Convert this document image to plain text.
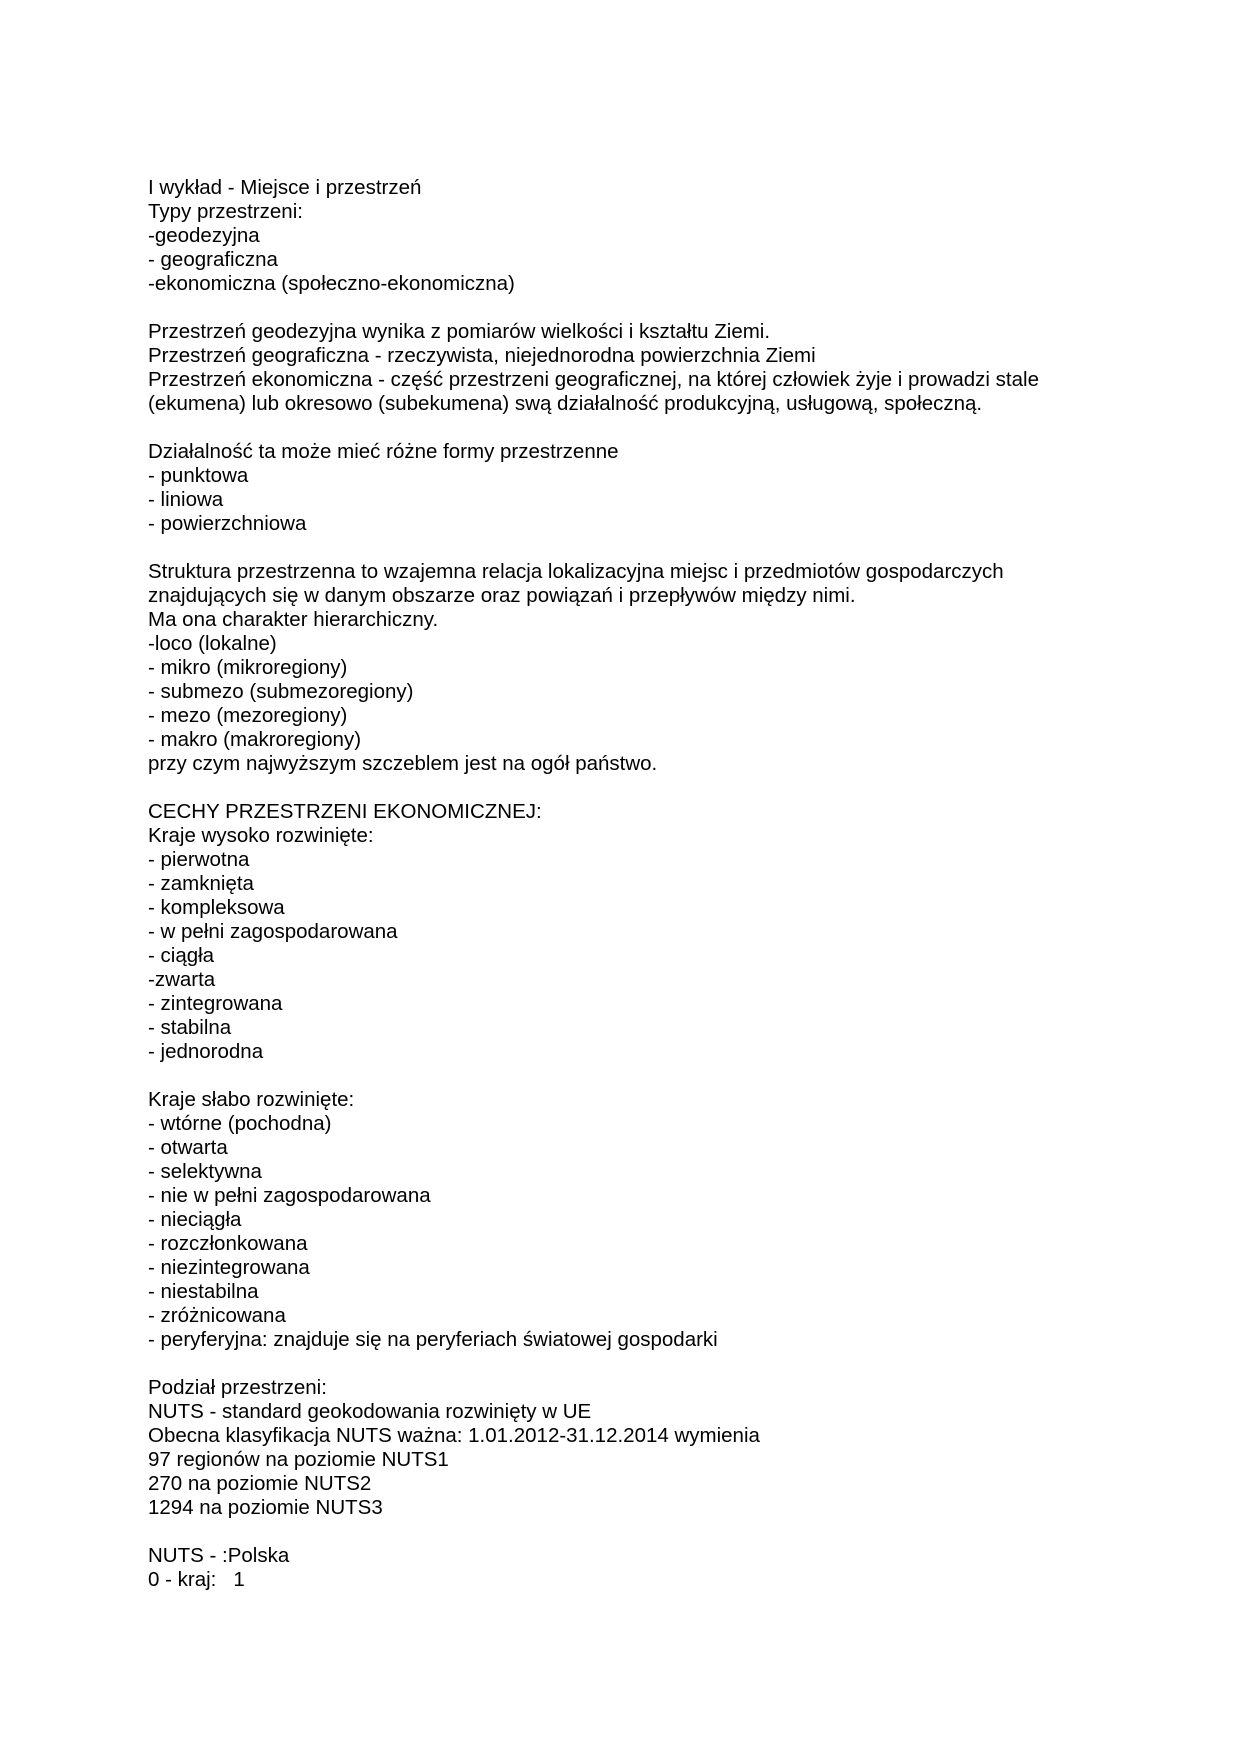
I wykład - Miejsce i przestrzeń
Typy przestrzeni:
-geodezyjna
- geograficzna
-ekonomiczna (społeczno-ekonomiczna)
Przestrzeń geodezyjna wynika z pomiarów wielkości i kształtu Ziemi.
Przestrzeń geograficzna - rzeczywista, niejednorodna powierzchnia Ziemi
Przestrzeń ekonomiczna - część przestrzeni geograficznej, na której człowiek żyje i prowadzi stale
(ekumena) lub okresowo (subekumena) swą działalność produkcyjną, usługową, społeczną.
Działalność ta może mieć różne formy przestrzenne
- punktowa
- liniowa
- powierzchniowa
Struktura przestrzenna to wzajemna relacja lokalizacyjna miejsc i przedmiotów gospodarczych
znajdujących się w danym obszarze oraz powiązań i przepływów między nimi.
Ma ona charakter hierarchiczny.
-loco (lokalne)
- mikro (mikroregiony)
- submezo (submezoregiony)
- mezo (mezoregiony)
- makro (makroregiony)
przy czym najwyższym szczeblem jest na ogół państwo.
CECHY PRZESTRZENI EKONOMICZNEJ:
Kraje wysoko rozwinięte:
- pierwotna
- zamknięta
- kompleksowa
- w pełni zagospodarowana
- ciągła
-zwarta
- zintegrowana
- stabilna
- jednorodna
Kraje słabo rozwinięte:
- wtórne (pochodna)
- otwarta
- selektywna
- nie w pełni zagospodarowana
- nieciągła
- rozczłonkowana
- niezintegrowana
- niestabilna
- zróżnicowana
- peryferyjna: znajduje się na peryferiach światowej gospodarki
Podział przestrzeni:
NUTS - standard geokodowania rozwinięty w UE
Obecna klasyfikacja NUTS ważna: 1.01.2012-31.12.2014 wymienia
97 regionów na poziomie NUTS1
270 na poziomie NUTS2
1294 na poziomie NUTS3
NUTS - :Polska
0 - kraj:   1
